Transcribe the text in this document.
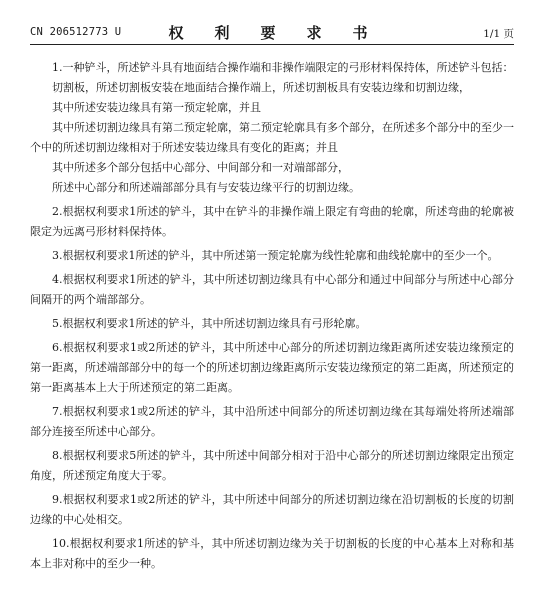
CN 206512773 U	权　利　要　求　书	1/1 页

1.一种铲斗，所述铲斗具有地面结合操作端和非操作端限定的弓形材料保持体，所述铲斗包括：

切割板，所述切割板安装在地面结合操作端上，所述切割板具有安装边缘和切割边缘，

其中所述安装边缘具有第一预定轮廓，并且

其中所述切割边缘具有第二预定轮廓，第二预定轮廓具有多个部分，在所述多个部分中的至少一个中的所述切割边缘相对于所述安装边缘具有变化的距离；并且

其中所述多个部分包括中心部分、中间部分和一对端部部分，

所述中心部分和所述端部部分具有与安装边缘平行的切割边缘。

2.根据权利要求1所述的铲斗，其中在铲斗的非操作端上限定有弯曲的轮廓，所述弯曲的轮廓被限定为远离弓形材料保持体。

3.根据权利要求1所述的铲斗，其中所述第一预定轮廓为线性轮廓和曲线轮廓中的至少一个。

4.根据权利要求1所述的铲斗，其中所述切割边缘具有中心部分和通过中间部分与所述中心部分间隔开的两个端部部分。

5.根据权利要求1所述的铲斗，其中所述切割边缘具有弓形轮廓。

6.根据权利要求1或2所述的铲斗，其中所述中心部分的所述切割边缘距离所述安装边缘预定的第一距离，所述端部部分中的每一个的所述切割边缘距离所示安装边缘预定的第二距离，所述预定的第一距离基本上大于所述预定的第二距离。

7.根据权利要求1或2所述的铲斗，其中沿所述中间部分的所述切割边缘在其每端处将所述端部部分连接至所述中心部分。

8.根据权利要求5所述的铲斗，其中所述中间部分相对于沿中心部分的所述切割边缘限定出预定角度，所述预定角度大于零。

9.根据权利要求1或2所述的铲斗，其中所述中间部分的所述切割边缘在沿切割板的长度的切割边缘的中心处相交。

10.根据权利要求1所述的铲斗，其中所述切割边缘为关于切割板的长度的中心基本上对称和基本上非对称中的至少一种。
